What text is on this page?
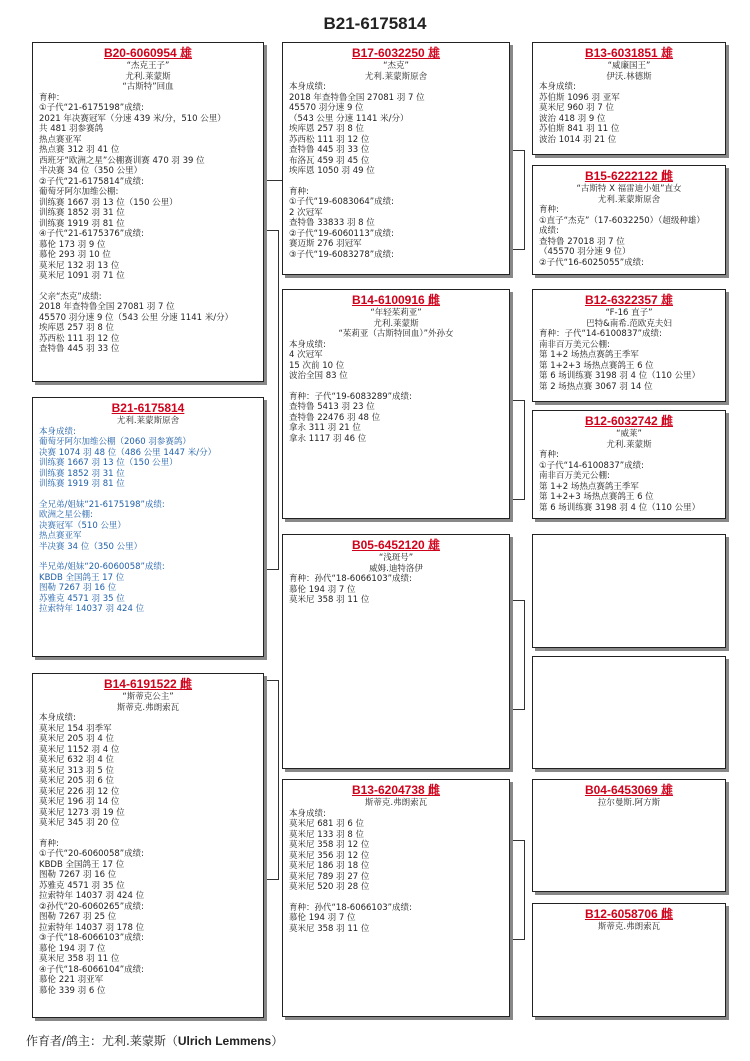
B21-6175814
B20-6060954 雄
“杰克王子”
尤利.莱蒙斯
“古斯特”回血
育种：
①子代“21-6175198”成绩:
2021 年决赛冠军（分速 439 米/分，510 公里）
共 481 羽参赛鸽
热点赛亚军
热点赛 312 羽 41 位
西班牙“欧洲之星”公棚赛训赛 470 羽 39 位
半决赛 34 位（350 公里）
②子代“21-6175814”成绩:
葡萄牙阿尔加维公棚:
训练赛 1667 羽 13 位（150 公里）
训练赛 1852 羽 31 位
训练赛 1919 羽 81 位
④子代“21-6175376”成绩:
慕伦 173 羽 9 位
慕伦 293 羽 10 位
莫米尼 132 羽 13 位
莫米尼 1091 羽 71 位
父亲“杰克”成绩:
2018 年查特鲁全国 27081 羽 7 位
45570 羽分速 9 位（543 公里 分速 1141 米/分）
埃库恩 257 羽 8 位
苏西松 111 羽 12 位
查特鲁 445 羽 33 位
B21-6175814
尤利.莱蒙斯原舍
本身成绩:
葡萄牙阿尔加维公棚（2060 羽参赛鸽）
决赛 1074 羽 48 位（486 公里 1447 米/分）
训练赛 1667 羽 13 位（150 公里）
训练赛 1852 羽 31 位
训练赛 1919 羽 81 位
全兄弟/姐妹“21-6175198”成绩:
欧洲之星公棚:
决赛冠军（510 公里）
热点赛亚军
半决赛 34 位（350 公里）
半兄弟/姐妹“20-6060058”成绩:
KBDB 全国鸽王 17 位
图勒 7267 羽 16 位
苏雅克 4571 羽 35 位
拉索特年 14037 羽 424 位
B14-6191522 雌
“斯蒂克公主”
斯蒂克.弗朗索瓦
本身成绩:
莫米尼 154 羽季军
莫米尼 205 羽 4 位
莫米尼 1152 羽 4 位
莫米尼 632 羽 4 位
莫米尼 313 羽 5 位
莫米尼 205 羽 6 位
莫米尼 226 羽 12 位
莫米尼 196 羽 14 位
莫米尼 1273 羽 19 位
莫米尼 345 羽 20 位
育种:
①子代“20-6060058”成绩:
KBDB 全国鸽王 17 位
图勒 7267 羽 16 位
苏雅克 4571 羽 35 位
拉索特年 14037 羽 424 位
②孙代“20-6060265”成绩:
图勒 7267 羽 25 位
拉索特年 14037 羽 178 位
③子代“18-6066103”成绩:
慕伦 194 羽 7 位
莫米尼 358 羽 11 位
④子代“18-6066104”成绩:
慕伦 221 羽亚军
慕伦 339 羽 6 位
B17-6032250 雄
“杰克”
尤利.莱蒙斯原舍
本身成绩:
2018 年查特鲁全国 27081 羽 7 位
45570 羽分速 9 位
（543 公里 分速 1141 米/分）
埃库恩 257 羽 8 位
苏西松 111 羽 12 位
查特鲁 445 羽 33 位
布洛瓦 459 羽 45 位
埃库恩 1050 羽 49 位
育种:
①子代“19-6083064”成绩:
2 次冠军
查特鲁 33833 羽 8 位
②子代“19-6060113”成绩:
赛迈斯 276 羽冠军
③子代“19-6083278”成绩:
B14-6100916 雌
“年轻茱莉亚”
尤利.莱蒙斯
“茱莉亚（古斯特回血）”外孙女
本身成绩:
4 次冠军
15 次前 10 位
波治全国 83 位
育种：子代“19-6083289”成绩:
查特鲁 5413 羽 23 位
查特鲁 22476 羽 48 位
拿永 311 羽 21 位
拿永 1117 羽 46 位
B05-6452120 雄
“浅斑号”
威姆.迪特洛伊
育种：孙代“18-6066103”成绩:
慕伦 194 羽 7 位
莫米尼 358 羽 11 位
B13-6204738 雌
斯蒂克.弗朗索瓦
本身成绩:
莫米尼 681 羽 6 位
莫米尼 133 羽 8 位
莫米尼 358 羽 12 位
莫米尼 356 羽 12 位
莫米尼 186 羽 18 位
莫米尼 789 羽 27 位
莫米尼 520 羽 28 位
育种：孙代“18-6066103”成绩:
慕伦 194 羽 7 位
莫米尼 358 羽 11 位
B13-6031851 雄
“威廉国王”
伊沃.林德斯
本身成绩:
苏伯斯 1096 羽 亚军
莫米尼 960 羽 7 位
波治 418 羽 9 位
苏伯斯 841 羽 11 位
波治 1014 羽 21 位
B15-6222122 雌
“古斯特 X 福雷迪小姐”直女
尤利.莱蒙斯原舍
育种:
①直子“杰克”（17-6032250）（超级种雄）
成绩:
查特鲁 27018 羽 7 位
（45570 羽分速 9 位）
②子代“16-6025055”成绩:
B12-6322357 雄
“F-16 直子”
巴特&南希.范欧克夫妇
育种：子代“14-6100837”成绩:
南非百万美元公棚:
第 1+2 场热点赛鸽王季军
第 1+2+3 场热点赛鸽王 6 位
第 6 场训练赛 3198 羽 4 位（110 公里）
第 2 场热点赛 3067 羽 14 位
B12-6032742 雌
“威莱”
尤利.莱蒙斯
育种:
①子代“14-6100837”成绩:
南非百万美元公棚:
第 1+2 场热点赛鸽王季军
第 1+2+3 场热点赛鸽王 6 位
第 6 场训练赛 3198 羽 4 位（110 公里）
B04-6453069 雄
拉尔曼斯.阿方斯
B12-6058706 雌
斯蒂克.弗朗索瓦
作育者/鸽主：尤利.莱蒙斯（Ulrich Lemmens）
